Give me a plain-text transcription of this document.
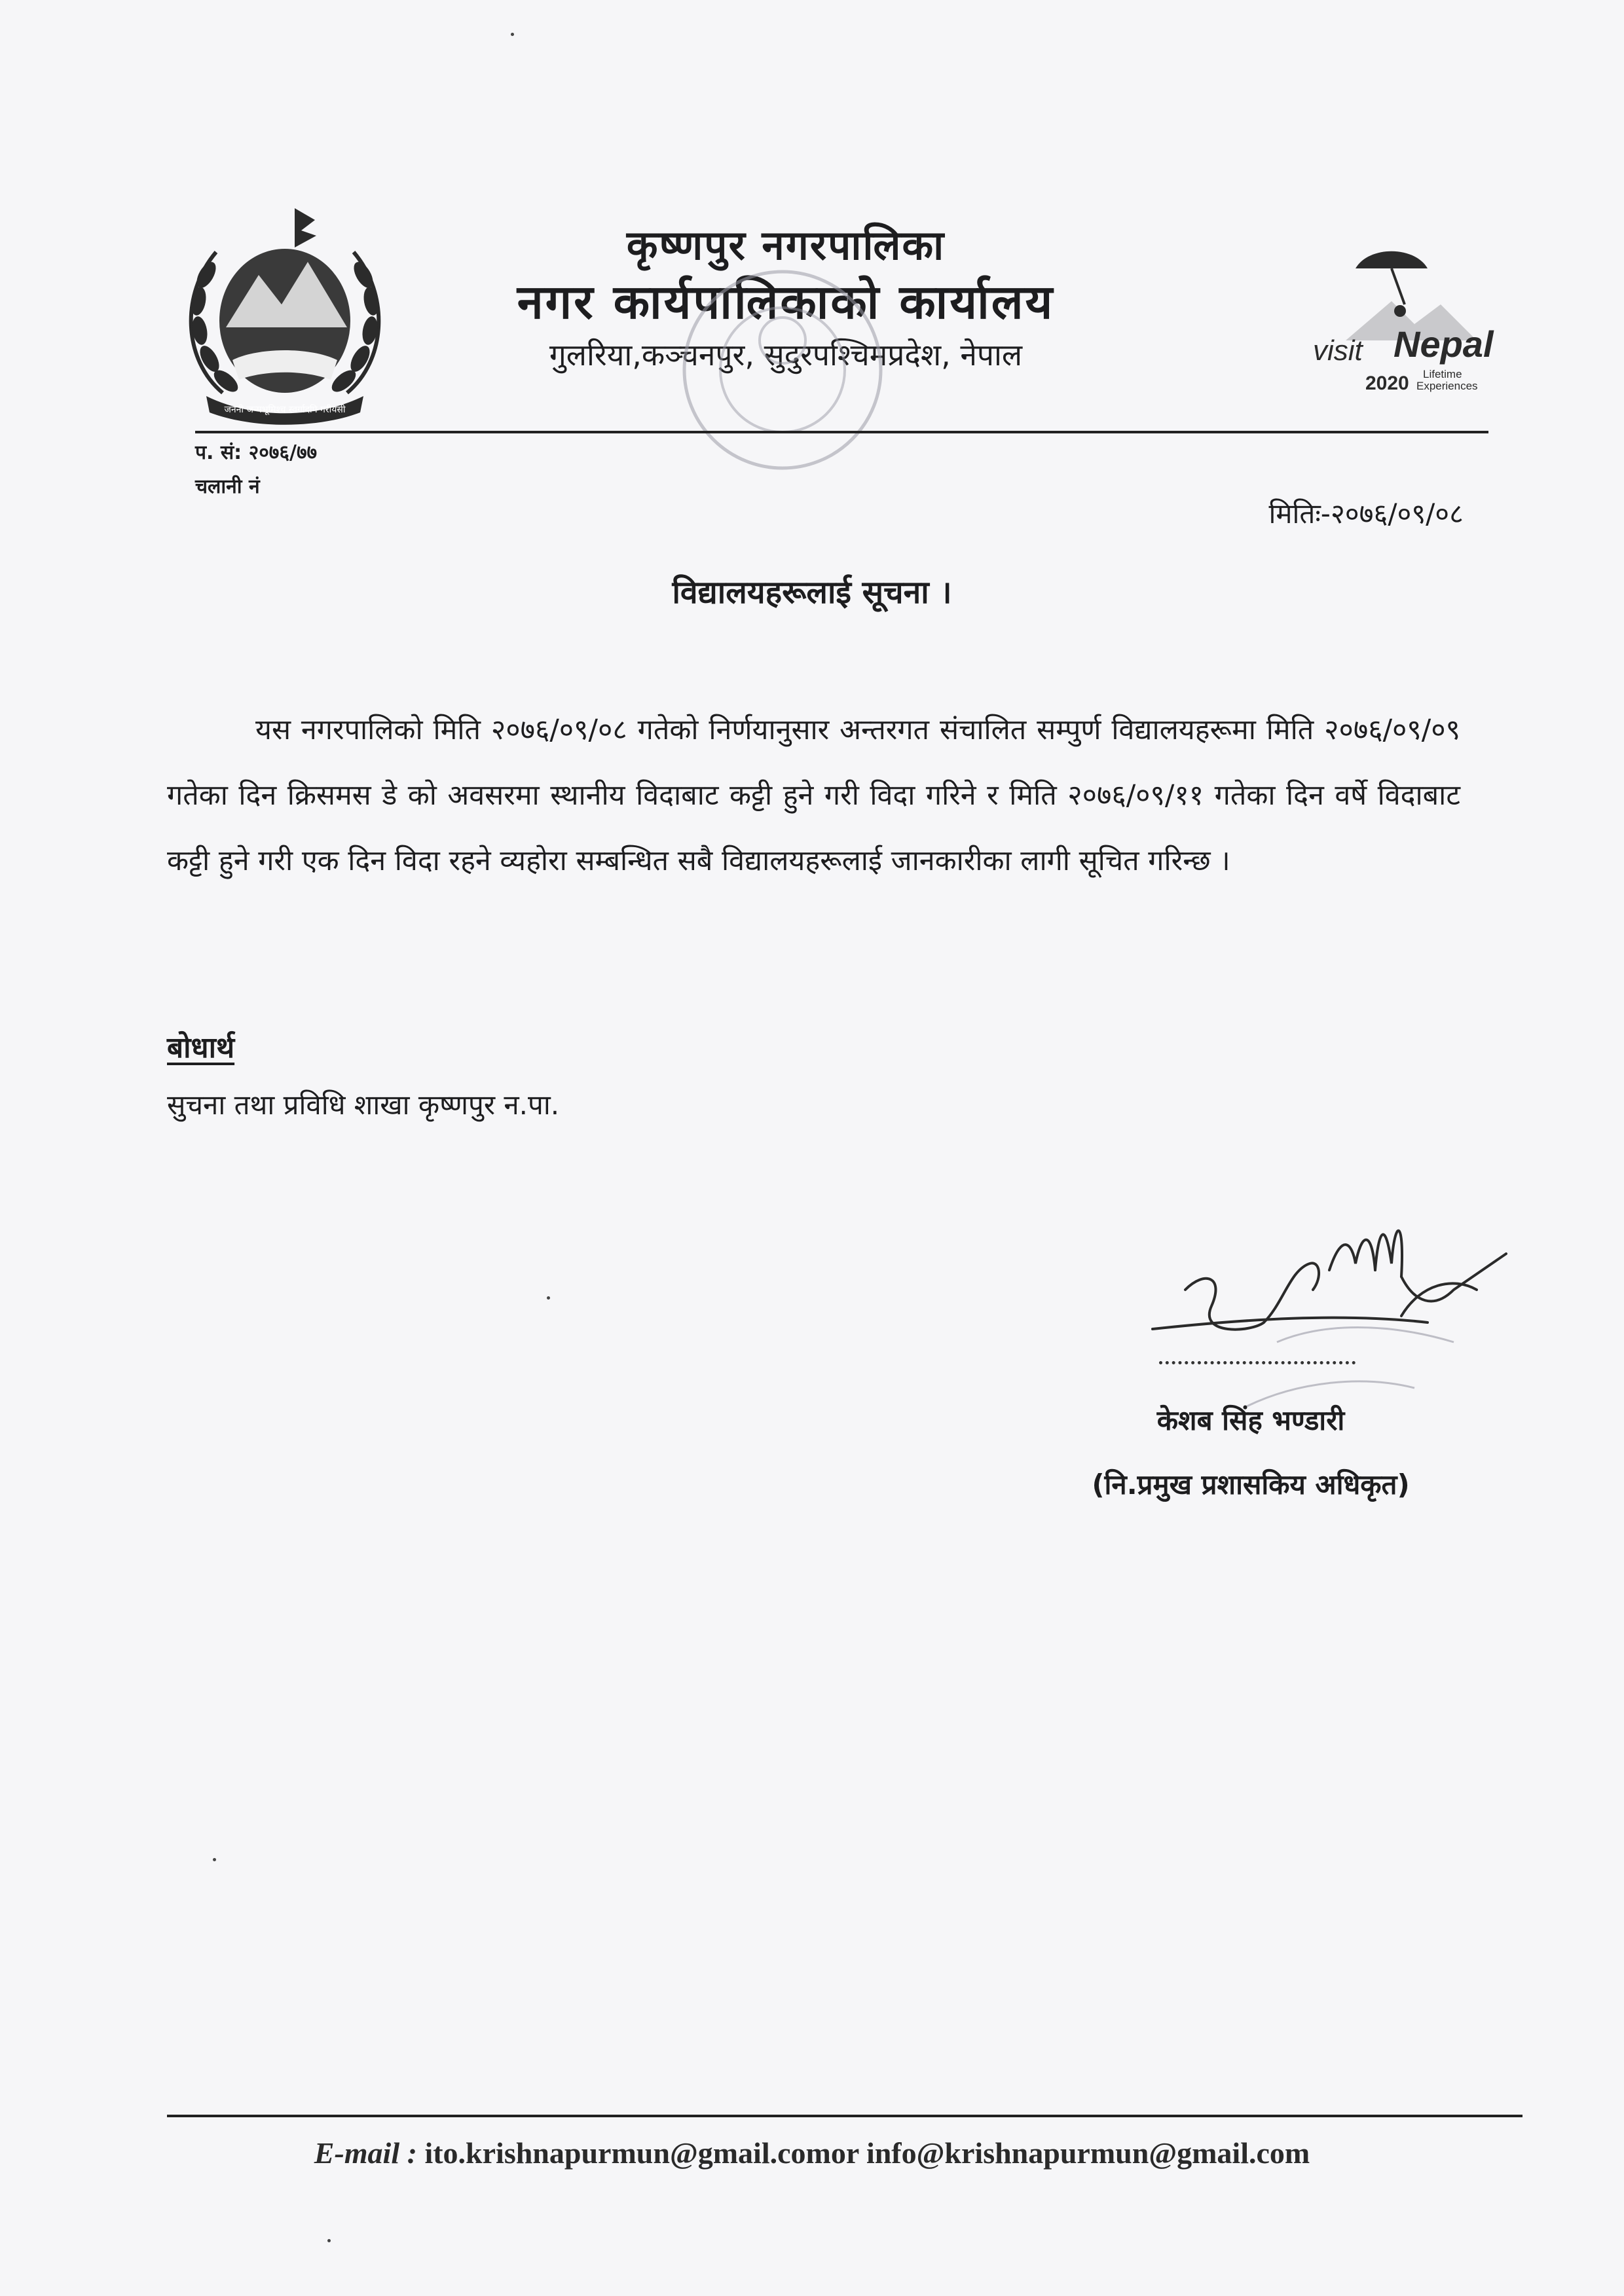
जननी जन्मभूमिश्च स्वर्गादपि गरीयसी
कृष्णपुर नगरपालिका
नगर कार्यपालिकाको कार्यालय
गुलरिया,कञ्चनपुर, सुदुरपश्चिमप्रदेश, नेपाल	visit Nepal
2020 Lifetime
Experiences
प. सं: २०७६/७७
चलानी नं
मितिः-२०७६/०९/०८
विद्यालयहरूलाई सूचना ।
यस नगरपालिको मिति २०७६/०९/०८ गतेको निर्णयानुसार अन्तरगत संचालित सम्पुर्ण विद्यालयहरूमा मिति २०७६/०९/०९ गतेका दिन क्रिसमस डे को अवसरमा स्थानीय विदाबाट कट्टी हुने गरी विदा गरिने र मिति २०७६/०९/११ गतेका दिन वर्षे विदाबाट कट्टी हुने गरी एक दिन विदा रहने व्यहोरा सम्बन्धित सबै विद्यालयहरूलाई जानकारीका लागी सूचित गरिन्छ ।
बोधार्थ
सुचना तथा प्रविधि शाखा कृष्णपुर न.पा.
केशब सिंह भण्डारी
(नि.प्रमुख प्रशासकिय अधिकृत)
E-mail : ito.krishnapurmun@gmail.comor info@krishnapurmun@gmail.com
